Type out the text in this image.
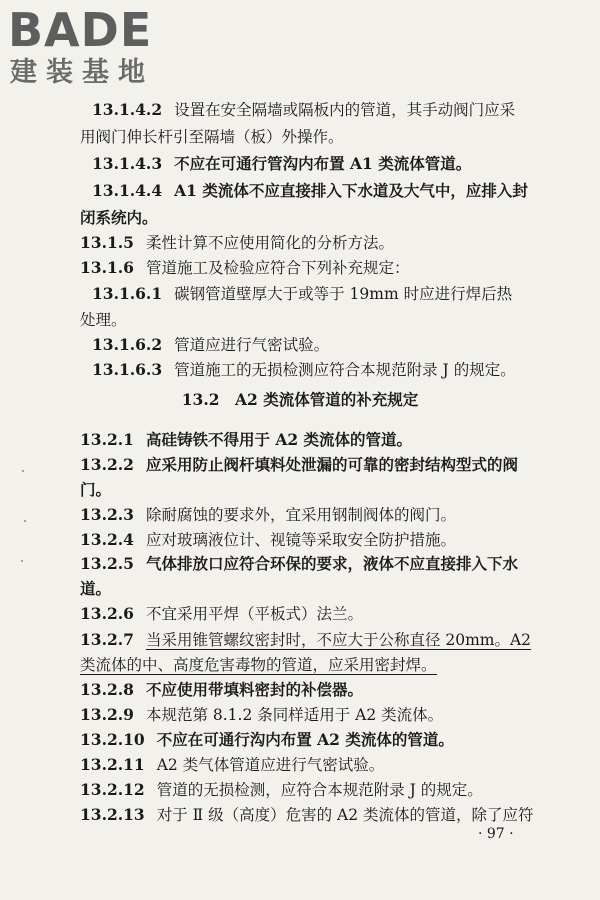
BADE
建装基地
13.1.4.2 设置在安全隔墙或隔板内的管道，其手动阀门应采
用阀门伸长杆引至隔墙（板）外操作。
13.1.4.3 不应在可通行管沟内布置 A1 类流体管道。
13.1.4.4 A1 类流体不应直接排入下水道及大气中，应排入封
闭系统内。
13.1.5 柔性计算不应使用简化的分析方法。
13.1.6 管道施工及检验应符合下列补充规定：
13.1.6.1 碳钢管道壁厚大于或等于 19mm 时应进行焊后热
处理。
13.1.6.2 管道应进行气密试验。
13.1.6.3 管道施工的无损检测应符合本规范附录 J 的规定。
13.2　A2 类流体管道的补充规定
13.2.1 高硅铸铁不得用于 A2 类流体的管道。
13.2.2 应采用防止阀杆填料处泄漏的可靠的密封结构型式的阀
门。
13.2.3 除耐腐蚀的要求外，宜采用钢制阀体的阀门。
13.2.4 应对玻璃液位计、视镜等采取安全防护措施。
13.2.5 气体排放口应符合环保的要求，液体不应直接排入下水
道。
13.2.6 不宜采用平焊（平板式）法兰。
13.2.7 当采用锥管螺纹密封时，不应大于公称直径 20mm。A2
类流体的中、高度危害毒物的管道，应采用密封焊。
13.2.8 不应使用带填料密封的补偿器。
13.2.9 本规范第 8.1.2 条同样适用于 A2 类流体。
13.2.10 不应在可通行沟内布置 A2 类流体的管道。
13.2.11 A2 类气体管道应进行气密试验。
13.2.12 管道的无损检测，应符合本规范附录 J 的规定。
13.2.13 对于 Ⅱ 级（高度）危害的 A2 类流体的管道，除了应符
· 97 ·
